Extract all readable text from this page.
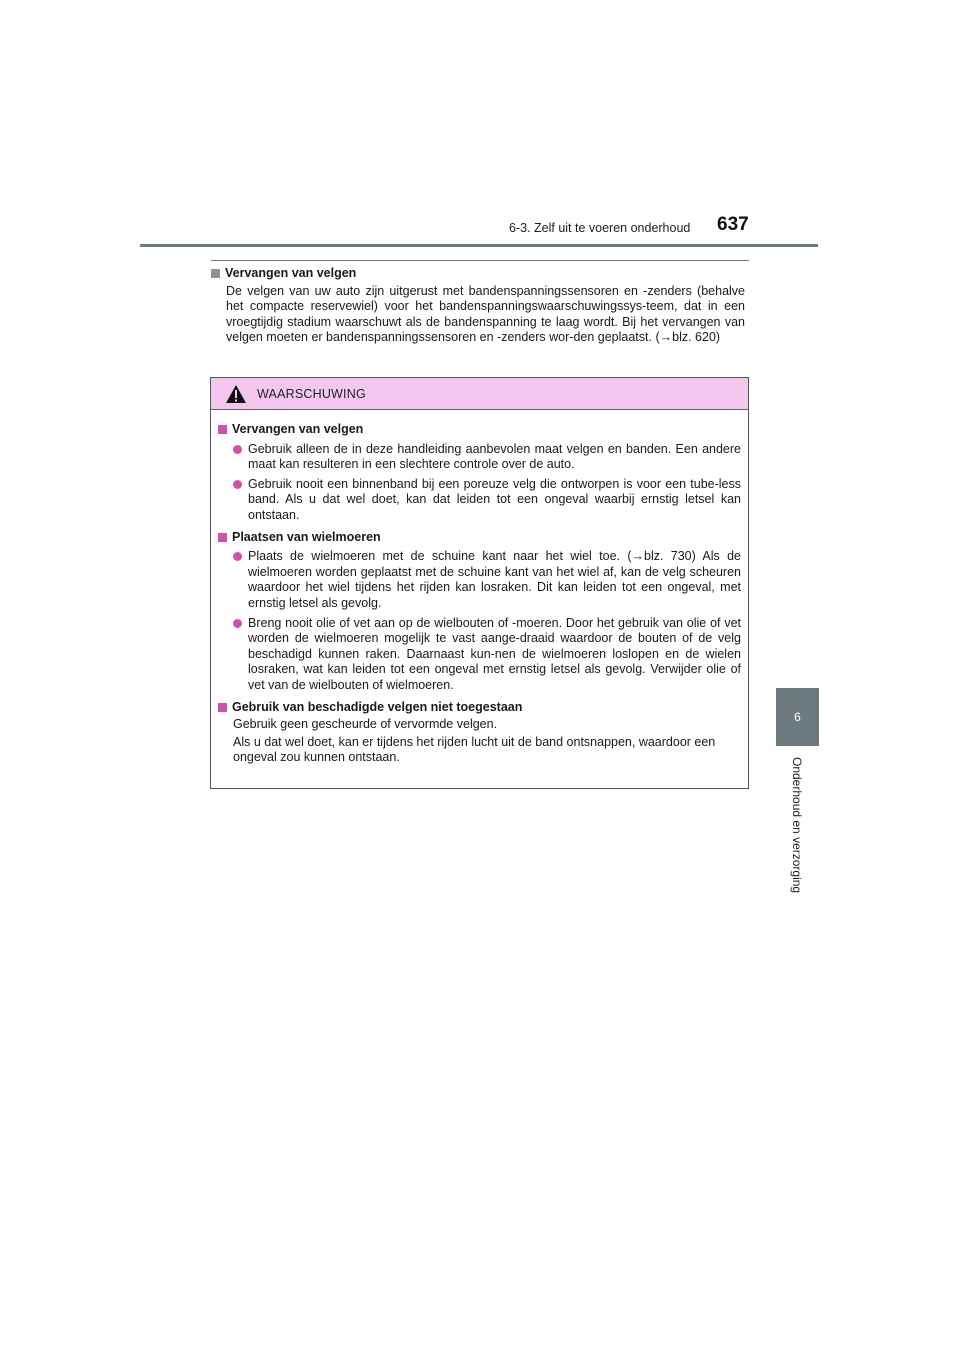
6-3. Zelf uit te voeren onderhoud 637
6
Onderhoud en verzorging
Vervangen van velgen

De velgen van uw auto zijn uitgerust met bandenspanningssensoren en -zenders (behalve het compacte reservewiel) voor het bandenspanningswaarschuwingssys-teem, dat in een vroegtijdig stadium waarschuwt als de bandenspanning te laag wordt. Bij het vervangen van velgen moeten er bandenspanningssensoren en -zenders wor-den geplaatst. (→blz. 620)

WAARSCHUWING
Vervangen van velgen
Gebruik alleen de in deze handleiding aanbevolen maat velgen en banden. Een andere maat kan resulteren in een slechtere controle over de auto.
Gebruik nooit een binnenband bij een poreuze velg die ontworpen is voor een tube-less band. Als u dat wel doet, kan dat leiden tot een ongeval waarbij ernstig letsel kan ontstaan.
Plaatsen van wielmoeren
Plaats de wielmoeren met de schuine kant naar het wiel toe. (→blz. 730) Als de wielmoeren worden geplaatst met de schuine kant van het wiel af, kan de velg scheuren waardoor het wiel tijdens het rijden kan losraken. Dit kan leiden tot een ongeval, met ernstig letsel als gevolg.
Breng nooit olie of vet aan op de wielbouten of -moeren. Door het gebruik van olie of vet worden de wielmoeren mogelijk te vast aange-draaid waardoor de bouten of de velg beschadigd kunnen raken. Daarnaast kun-nen de wielmoeren loslopen en de wielen losraken, wat kan leiden tot een ongeval met ernstig letsel als gevolg. Verwijder olie of vet van de wielbouten of wielmoeren.
Gebruik van beschadigde velgen niet toegestaan
Gebruik geen gescheurde of vervormde velgen.
Als u dat wel doet, kan er tijdens het rijden lucht uit de band ontsnappen, waardoor een ongeval zou kunnen ontstaan.
